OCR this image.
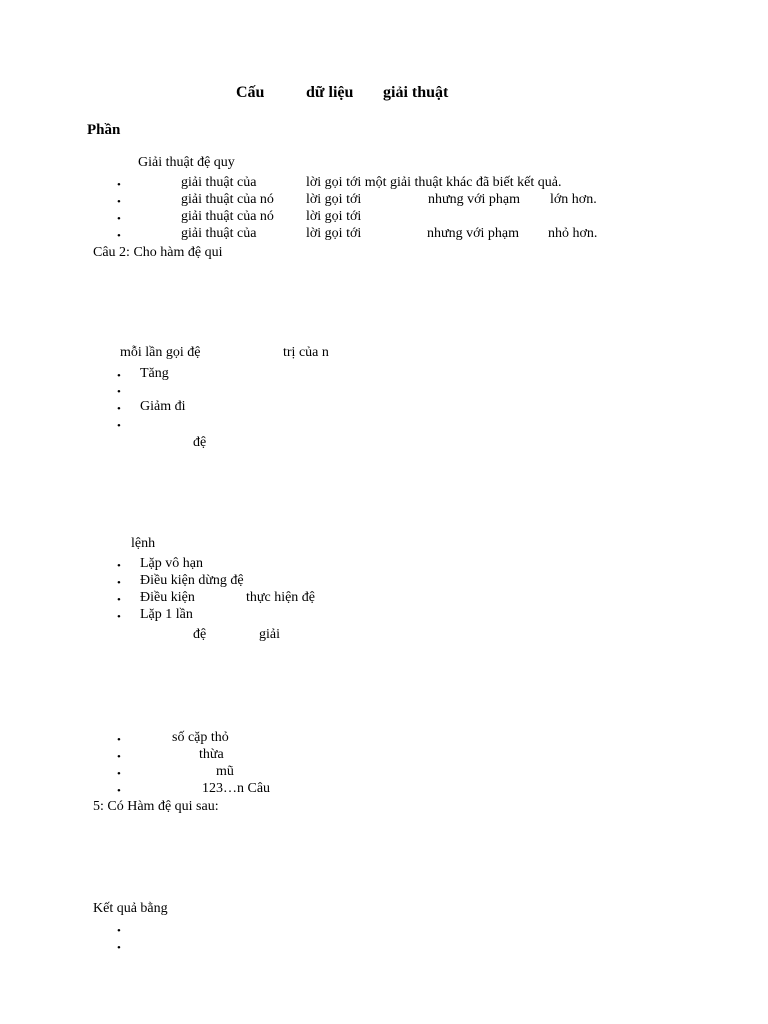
Cấu	dữ liệu giải thuật
Phần
Giải thuật đệ quy
•	giải thuật của	lời gọi tới một giải thuật khác đã biết kết quả.
•	giải thuật của nó lời gọi tới	nhưng với phạm lớn hơn.
•	giải thuật của nó lời gọi tới
•	giải thuật của	lời gọi tới	nhưng với phạm nhỏ hơn.
Câu 2: Cho hàm đệ qui
mỗi lần gọi đệ	trị của n
• Tăng
•
• Giảm đi
•
đệ
lệnh
• Lặp vô hạn
• Điều kiện dừng đệ
• Điều kiện	thực hiện đệ
• Lặp 1 lần
đệ	giải
•	số cặp thỏ
•	thừa
•	mũ
•	123…n Câu
5: Có Hàm đệ qui sau:
Kết quả bằng
•
•
